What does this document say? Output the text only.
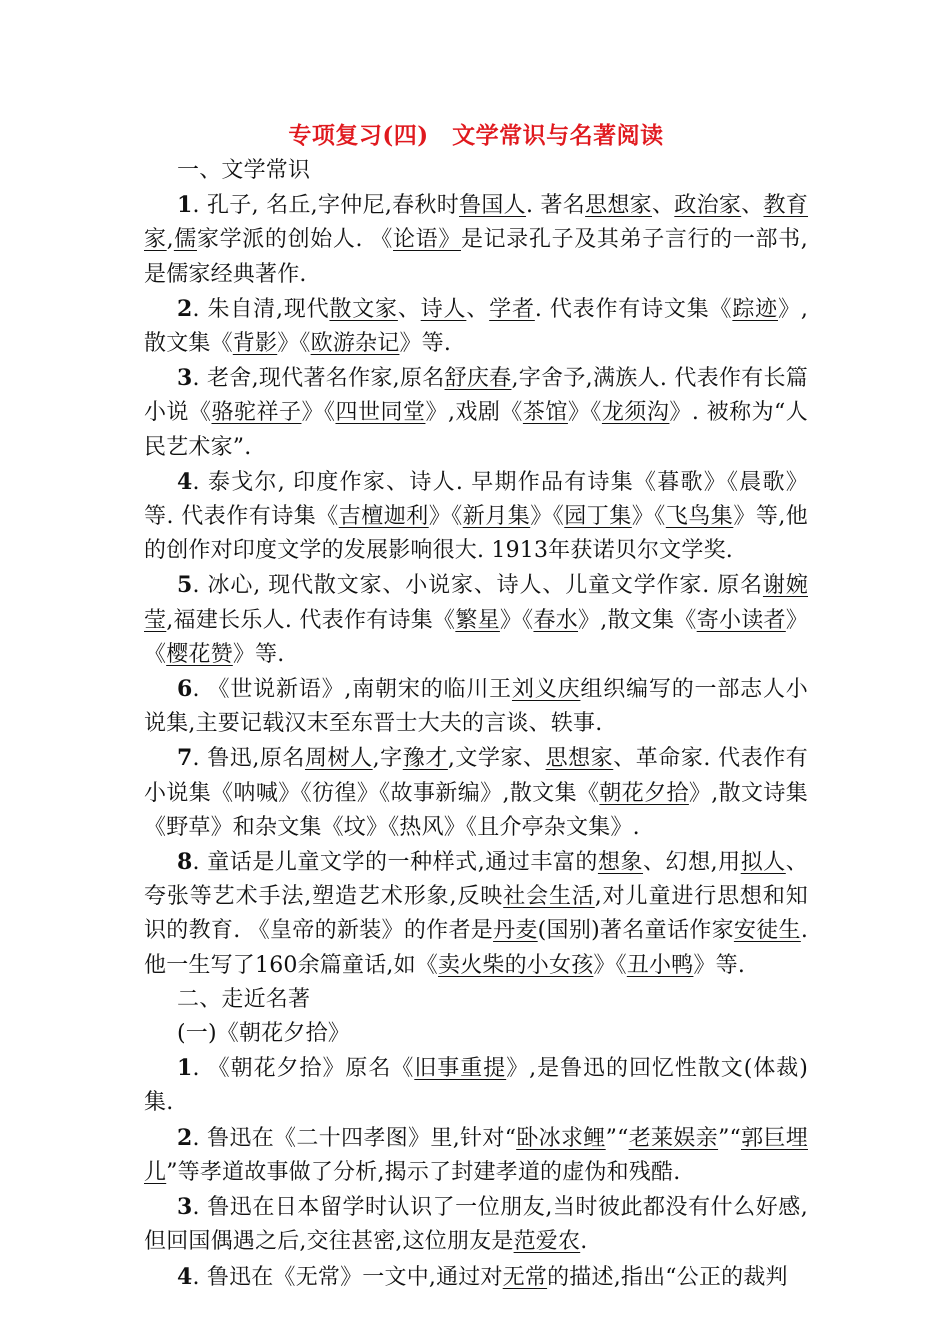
专项复习(四)　文学常识与名著阅读

一、文学常识

1. 孔子, 名丘,字仲尼,春秋时鲁国人. 著名思想家、政治家、教育家,儒家学派的创始人. 《论语》是记录孔子及其弟子言行的一部书,是儒家经典著作.

2. 朱自清,现代散文家、诗人、学者. 代表作有诗文集《踪迹》,散文集《背影》《欧游杂记》等.

3. 老舍,现代著名作家,原名舒庆春,字舍予,满族人. 代表作有长篇小说《骆驼祥子》《四世同堂》,戏剧《茶馆》《龙须沟》. 被称为“人民艺术家”.

4. 泰戈尔, 印度作家、诗人. 早期作品有诗集《暮歌》《晨歌》等. 代表作有诗集《吉檀迦利》《新月集》《园丁集》《飞鸟集》等,他的创作对印度文学的发展影响很大. 1913年获诺贝尔文学奖.

5. 冰心, 现代散文家、小说家、诗人、儿童文学作家. 原名谢婉莹,福建长乐人. 代表作有诗集《繁星》《春水》,散文集《寄小读者》《樱花赞》等.

6. 《世说新语》,南朝宋的临川王刘义庆组织编写的一部志人小说集,主要记载汉末至东晋士大夫的言谈、轶事.

7. 鲁迅,原名周树人,字豫才,文学家、思想家、革命家. 代表作有小说集《呐喊》《彷徨》《故事新编》,散文集《朝花夕拾》,散文诗集《野草》和杂文集《坟》《热风》《且介亭杂文集》.

8. 童话是儿童文学的一种样式,通过丰富的想象、幻想,用拟人、夸张等艺术手法,塑造艺术形象,反映社会生活,对儿童进行思想和知识的教育. 《皇帝的新装》的作者是丹麦(国别)著名童话作家安徒生. 他一生写了160余篇童话,如《卖火柴的小女孩》《丑小鸭》等.

二、走近名著

(一)《朝花夕拾》

1. 《朝花夕拾》原名《旧事重提》,是鲁迅的回忆性散文(体裁)集.

2. 鲁迅在《二十四孝图》里,针对“卧冰求鲤”“老莱娱亲”“郭巨埋儿”等孝道故事做了分析,揭示了封建孝道的虚伪和残酷.

3. 鲁迅在日本留学时认识了一位朋友,当时彼此都没有什么好感,但回国偶遇之后,交往甚密,这位朋友是范爱农.

4. 鲁迅在《无常》一文中,通过对无常的描述,指出“公正的裁判
